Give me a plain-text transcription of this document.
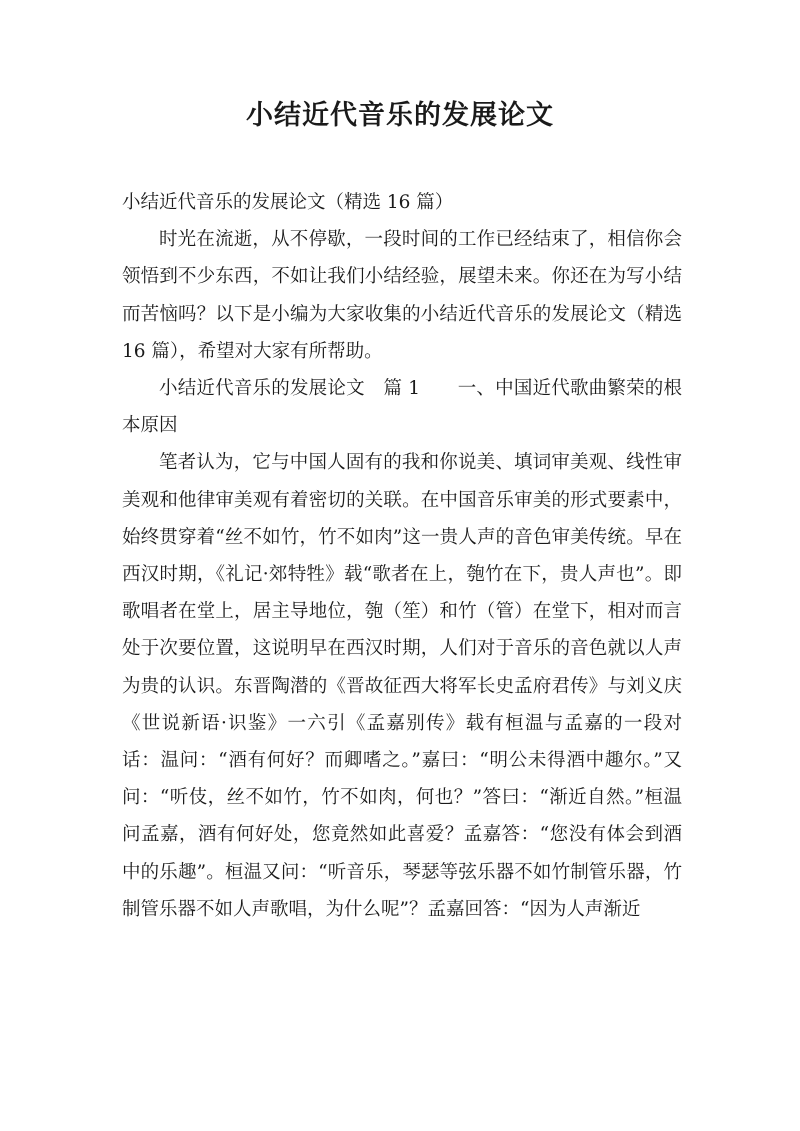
小结近代音乐的发展论文

小结近代音乐的发展论文（精选 16 篇）

时光在流逝，从不停歇，一段时间的工作已经结束了，相信你会领悟到不少东西，不如让我们小结经验，展望未来。你还在为写小结而苦恼吗？以下是小编为大家收集的小结近代音乐的发展论文（精选 16 篇），希望对大家有所帮助。

小结近代音乐的发展论文　篇 1　　一、中国近代歌曲繁荣的根本原因

笔者认为，它与中国人固有的我和你说美、填词审美观、线性审美观和他律审美观有着密切的关联。在中国音乐审美的形式要素中，始终贯穿着“丝不如竹，竹不如肉”这一贵人声的音色审美传统。早在西汉时期，《礼记·郊特牲》载“歌者在上，匏竹在下，贵人声也”。即歌唱者在堂上，居主导地位，匏（笙）和竹（管）在堂下，相对而言处于次要位置，这说明早在西汉时期，人们对于音乐的音色就以人声为贵的认识。东晋陶潜的《晋故征西大将军长史孟府君传》与刘义庆《世说新语·识鉴》一六引《孟嘉别传》载有桓温与孟嘉的一段对话：温问：“酒有何好？而卿嗜之。”嘉曰：“明公未得酒中趣尔。”又问：“听伎，丝不如竹，竹不如肉，何也？”答曰：“渐近自然。”桓温问孟嘉，酒有何好处，您竟然如此喜爱？孟嘉答：“您没有体会到酒中的乐趣”。桓温又问：“听音乐，琴瑟等弦乐器不如竹制管乐器，竹制管乐器不如人声歌唱，为什么呢”？孟嘉回答：“因为人声渐近
